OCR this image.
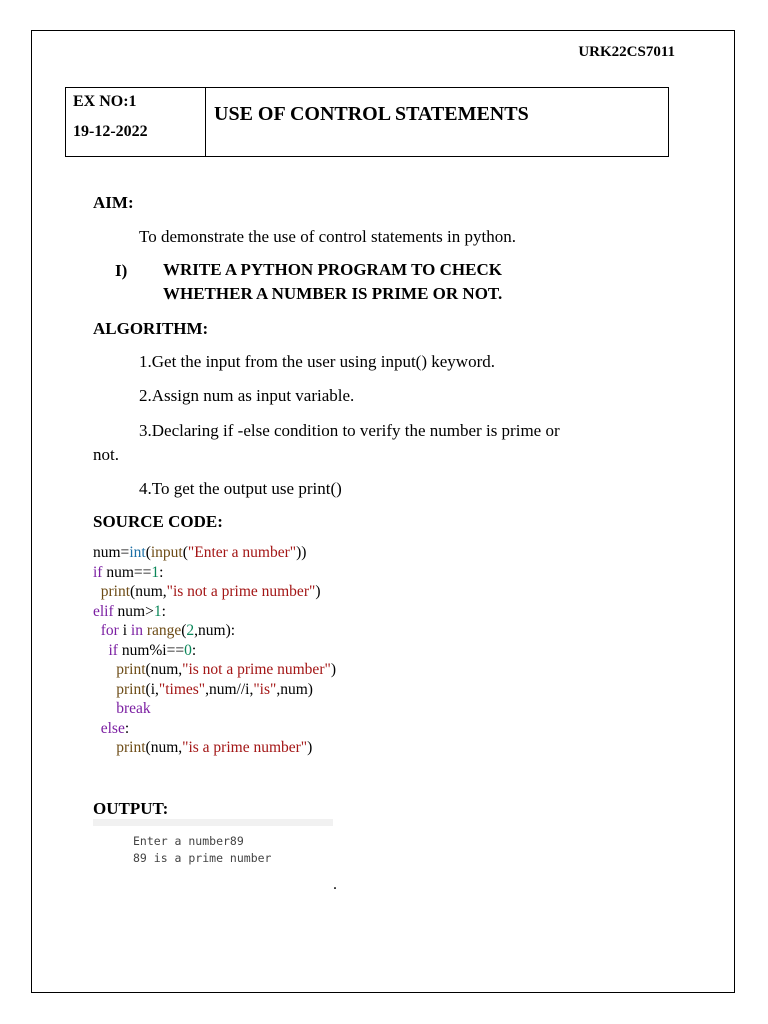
URK22CS7011
EX NO:1
19-12-2022
USE OF CONTROL STATEMENTS
AIM:
To demonstrate the use of control statements in python.
I) WRITE A PYTHON PROGRAM TO CHECK
WHETHER A NUMBER IS PRIME OR NOT.
ALGORITHM:
1.Get the input from the user using input() keyword.
2.Assign num as input variable.
3.Declaring if -else condition to verify the number is prime or
not.
4.To get the output use print()
SOURCE CODE:
num=int(input("Enter a number"))
if num==1:
print(num,"is not a prime number")
elif num>1:
for i in range(2,num):
if num%i==0:
print(num,"is not a prime number")
print(i,"times",num//i,"is",num)
break
else:
print(num,"is a prime number")
OUTPUT:
Enter a number89
89 is a prime number
.
